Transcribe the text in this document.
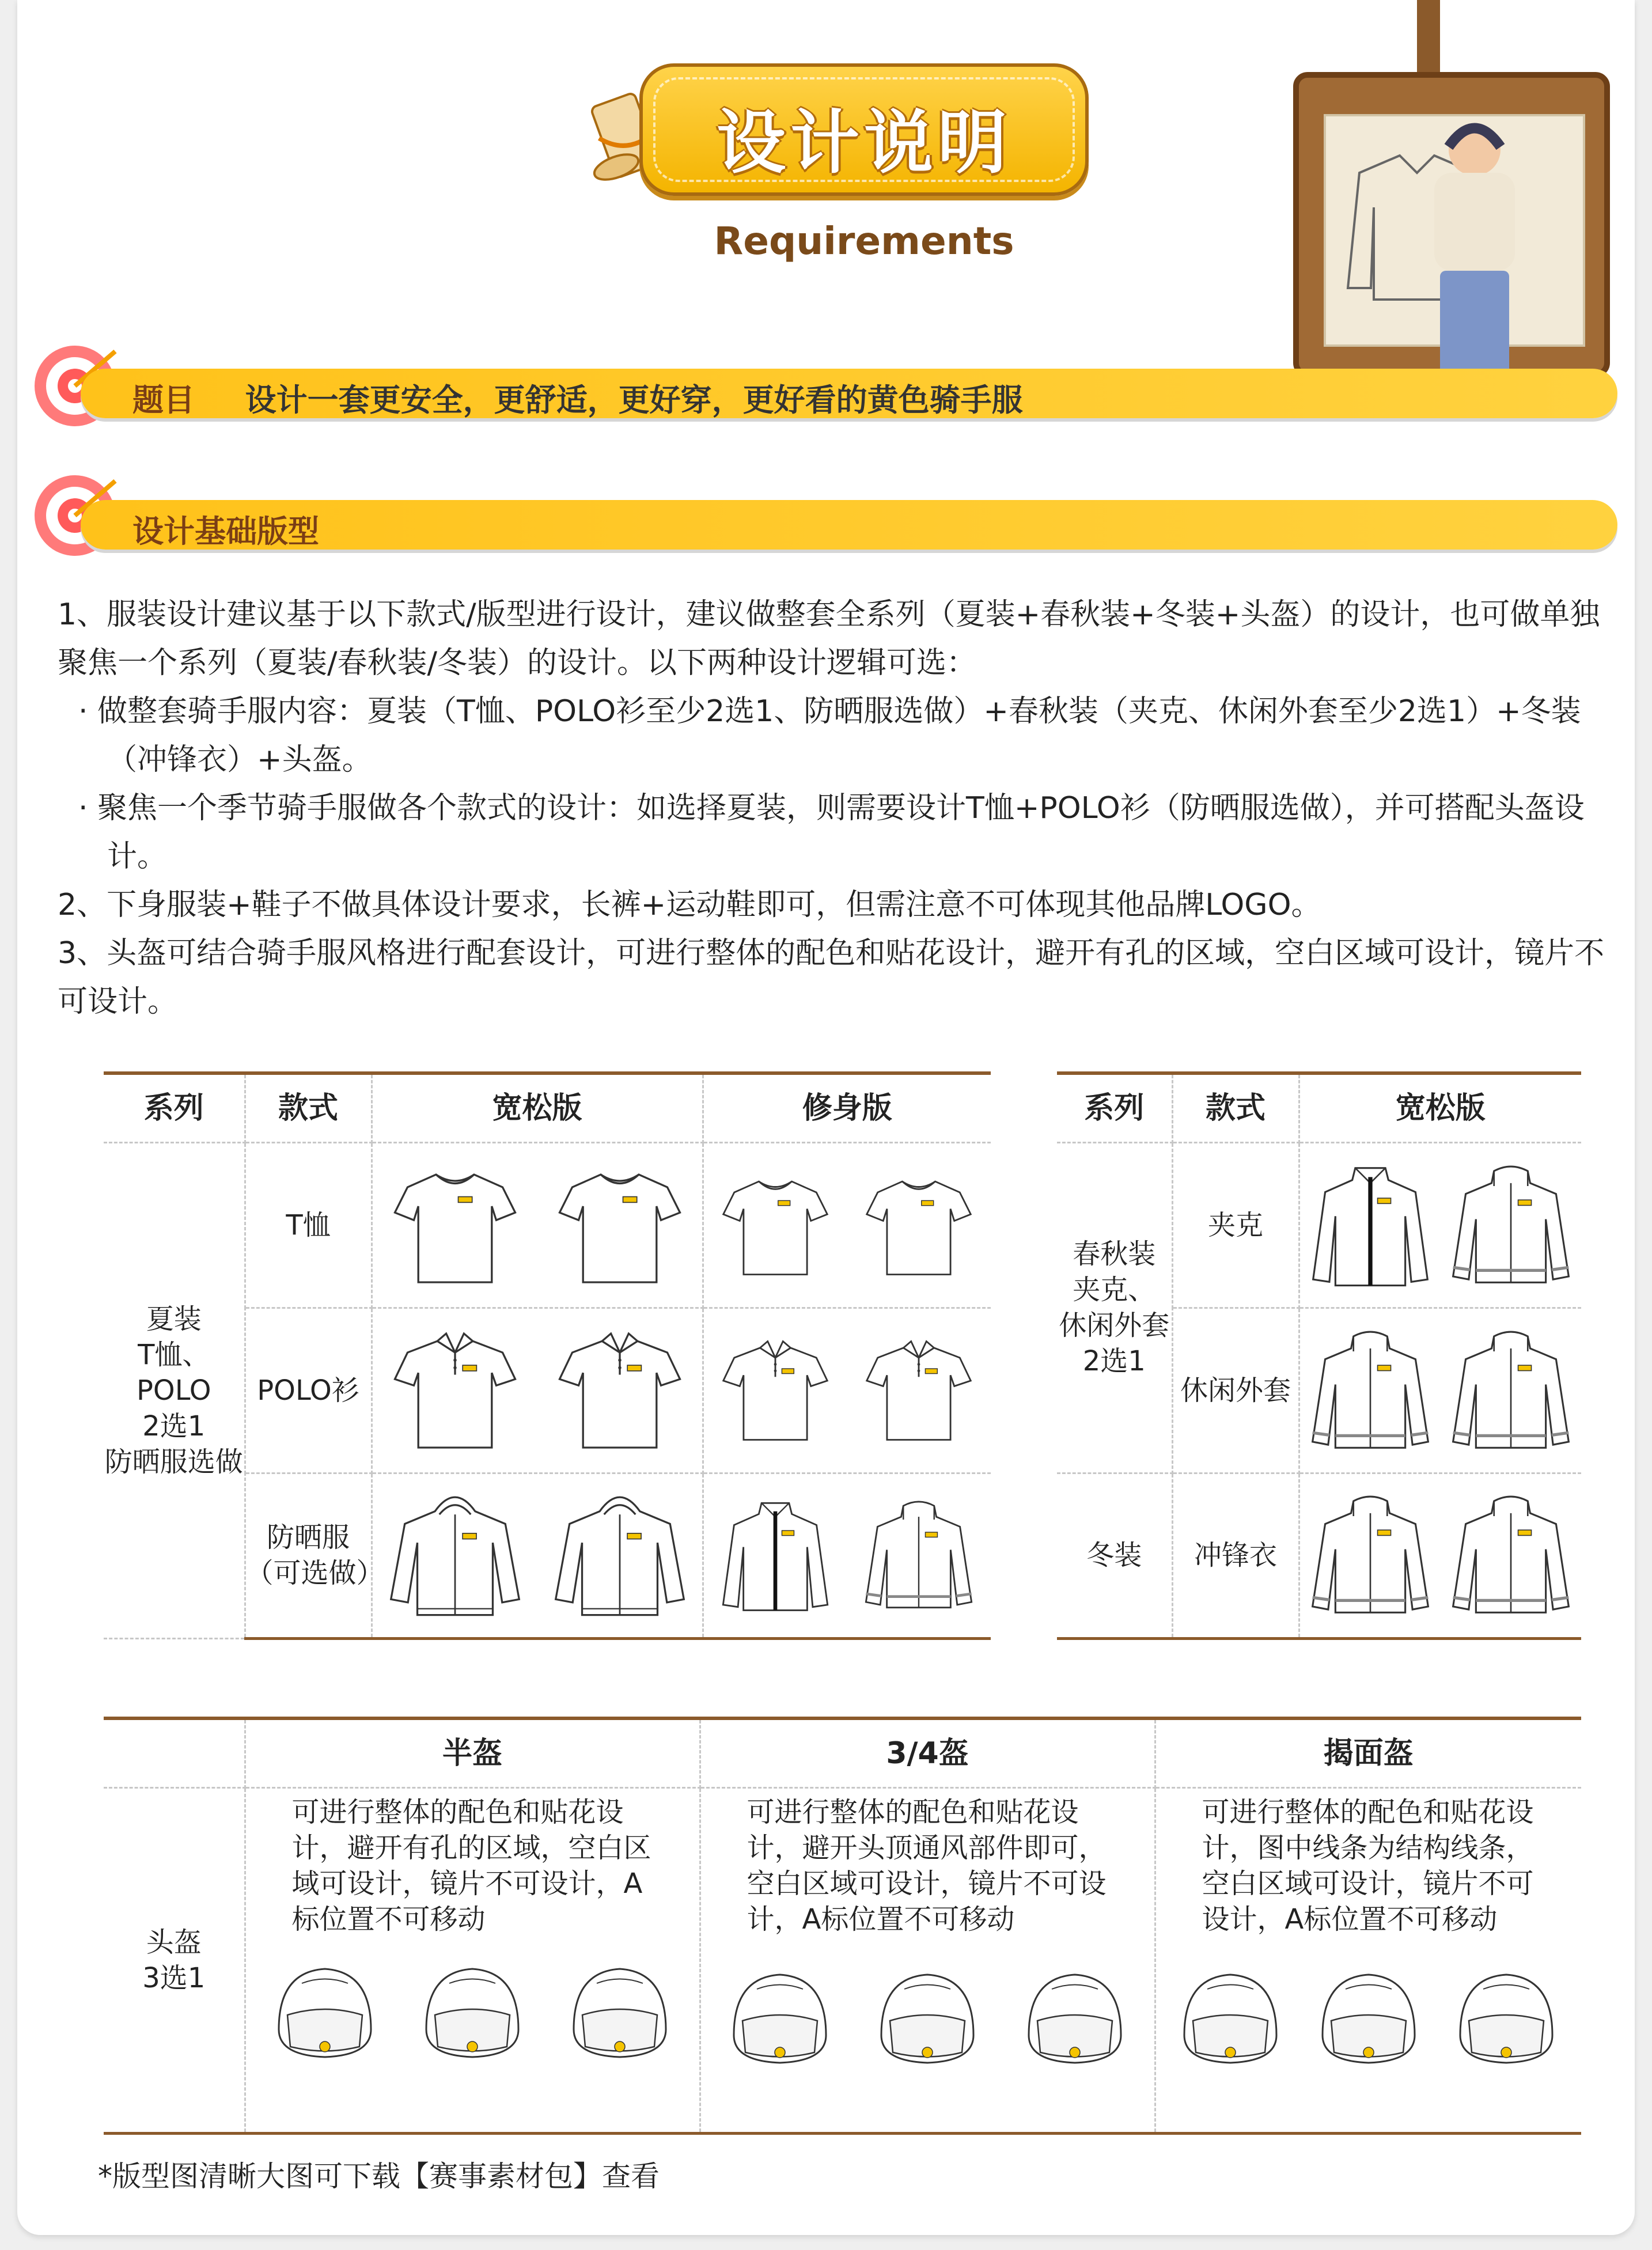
设计说明
Requirements
题目 设计一套更安全，更舒适，更好穿，更好看的黄色骑手服
设计基础版型

1、服装设计建议基于以下款式/版型进行设计，建议做整套全系列（夏装+春秋装+冬装+头盔）的设计，也可做单独聚焦一个系列（夏装/春秋装/冬装）的设计。以下两种设计逻辑可选：

· 做整套骑手服内容：夏装（T恤、POLO衫至少2选1、防晒服选做）+春秋装（夹克、休闲外套至少2选1）+冬装（冲锋衣）+头盔。

· 聚焦一个季节骑手服做各个款式的设计：如选择夏装，则需要设计T恤+POLO衫（防晒服选做），并可搭配头盔设计。

2、下身服装+鞋子不做具体设计要求，长裤+运动鞋即可，但需注意不可体现其他品牌LOGO。

3、头盔可结合骑手服风格进行配套设计，可进行整体的配色和贴花设计，避开有孔的区域，空白区域可设计，镜片不可设计。

系列	款式	宽松版	修身版
夏装
T恤、POLO
2选1
防晒服选做	T恤	

	POLO衫	

	防晒服
（可选做）	

系列	款式	宽松版
春秋装
夹克、
休闲外套
2选1	夹克	

	休闲外套	

冬装	冲锋衣	
	半盔	3/4盔	揭面盔
头盔
3选1	可进行整体的配色和贴花设计，避开有孔的区域，空白区域可设计，镜片不可设计，A标位置不可移动	可进行整体的配色和贴花设计，避开头顶通风部件即可，空白区域可设计，镜片不可设计，A标位置不可移动	可进行整体的配色和贴花设计，图中线条为结构线条，空白区域可设计，镜片不可设计，A标位置不可移动
*版型图清晰大图可下载【赛事素材包】查看
